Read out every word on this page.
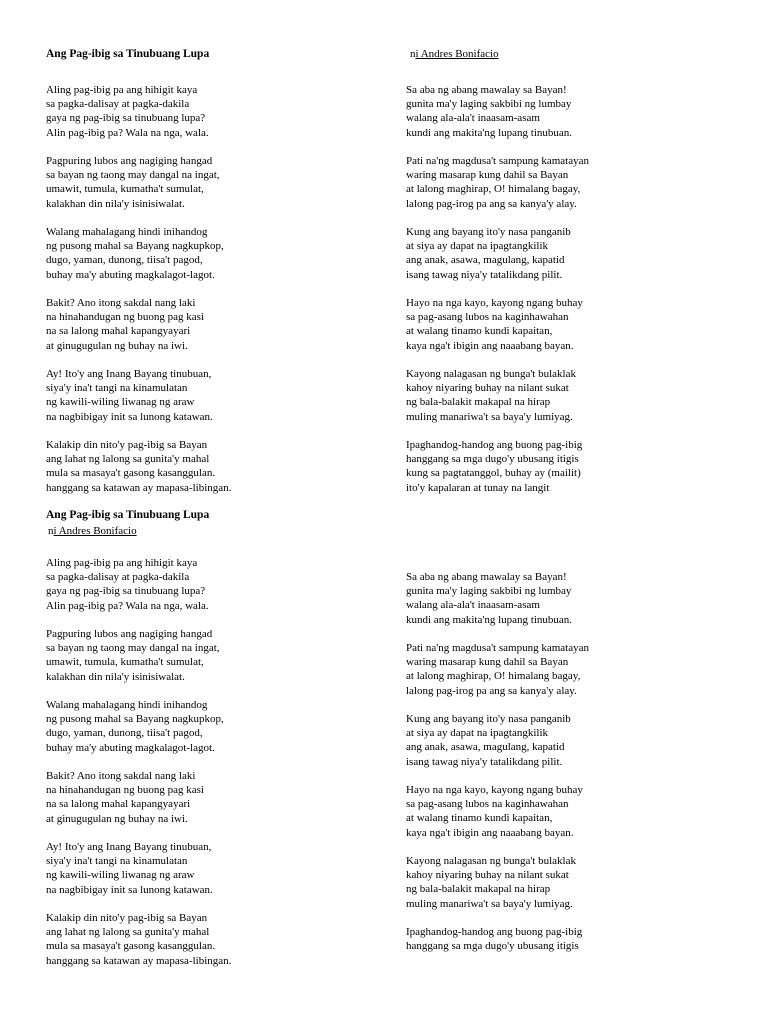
Ang Pag-ibig sa Tinubuang Lupa	ni Andres Bonifacio
Aling pag-ibig pa ang hihigit kaya
sa pagka-dalisay at pagka-dakila
gaya ng pag-ibig sa tinubuang lupa?
Alin pag-ibig pa? Wala na nga, wala.
Pagpuring lubos ang nagiging hangad
sa bayan ng taong may dangal na ingat,
umawit, tumula, kumatha't sumulat,
kalakhan din nila'y isinisiwalat.
Walang mahalagang hindi inihandog
ng pusong mahal sa Bayang nagkupkop,
dugo, yaman, dunong, tiisa't pagod,
buhay ma'y abuting magkalagot-lagot.
Bakit? Ano itong sakdal nang laki
na hinahandugan ng buong pag kasi
na sa lalong mahal kapangyayari
at ginugugulan ng buhay na iwi.
Ay! Ito'y ang Inang Bayang tinubuan,
siya'y ina't tangi na kinamulatan
ng kawili-wiling liwanag ng araw
na nagbibigay init sa lunong katawan.
Kalakip din nito'y pag-ibig sa Bayan
ang lahat ng lalong sa gunita'y mahal
mula sa masaya't gasong kasanggulan.
hanggang sa katawan ay mapasa-libingan.
Sa aba ng abang mawalay sa Bayan!
gunita ma'y laging sakbibi ng lumbay
walang ala-ala't inaasam-asam
kundi ang makita'ng lupang tinubuan.
Pati na'ng magdusa't sampung kamatayan
waring masarap kung dahil sa Bayan
at lalong maghirap, O! himalang bagay,
lalong pag-irog pa ang sa kanya'y alay.
Kung ang bayang ito'y nasa panganib
at siya ay dapat na ipagtangkilik
ang anak, asawa, magulang, kapatid
isang tawag niya'y tatalikdang pilit.
Hayo na nga kayo, kayong ngang buhay
sa pag-asang lubos na kaginhawahan
at walang tinamo kundi kapaitan,
kaya nga't ibigin ang naaabang bayan.
Kayong nalagasan ng bunga't bulaklak
kahoy niyaring buhay na nilant sukat
ng bala-balakit makapal na hirap
muling manariwa't sa baya'y lumiyag.
Ipaghandog-handog ang buong pag-ibig
hanggang sa mga dugo'y ubusang itigis
kung sa pagtatanggol, buhay ay (mailit)
ito'y kapalaran at tunay na langit
Ang Pag-ibig sa Tinubuang Lupa
ni Andres Bonifacio
Aling pag-ibig pa ang hihigit kaya
sa pagka-dalisay at pagka-dakila
gaya ng pag-ibig sa tinubuang lupa?
Alin pag-ibig pa? Wala na nga, wala.
Pagpuring lubos ang nagiging hangad
sa bayan ng taong may dangal na ingat,
umawit, tumula, kumatha't sumulat,
kalakhan din nila'y isinisiwalat.
Walang mahalagang hindi inihandog
ng pusong mahal sa Bayang nagkupkop,
dugo, yaman, dunong, tiisa't pagod,
buhay ma'y abuting magkalagot-lagot.
Bakit? Ano itong sakdal nang laki
na hinahandugan ng buong pag kasi
na sa lalong mahal kapangyayari
at ginugugulan ng buhay na iwi.
Ay! Ito'y ang Inang Bayang tinubuan,
siya'y ina't tangi na kinamulatan
ng kawili-wiling liwanag ng araw
na nagbibigay init sa lunong katawan.
Kalakip din nito'y pag-ibig sa Bayan
ang lahat ng lalong sa gunita'y mahal
mula sa masaya't gasong kasanggulan.
hanggang sa katawan ay mapasa-libingan.
Sa aba ng abang mawalay sa Bayan!
gunita ma'y laging sakbibi ng lumbay
walang ala-ala't inaasam-asam
kundi ang makita'ng lupang tinubuan.
Pati na'ng magdusa't sampung kamatayan
waring masarap kung dahil sa Bayan
at lalong maghirap, O! himalang bagay,
lalong pag-irog pa ang sa kanya'y alay.
Kung ang bayang ito'y nasa panganib
at siya ay dapat na ipagtangkilik
ang anak, asawa, magulang, kapatid
isang tawag niya'y tatalikdang pilit.
Hayo na nga kayo, kayong ngang buhay
sa pag-asang lubos na kaginhawahan
at walang tinamo kundi kapaitan,
kaya nga't ibigin ang naaabang bayan.
Kayong nalagasan ng bunga't bulaklak
kahoy niyaring buhay na nilant sukat
ng bala-balakit makapal na hirap
muling manariwa't sa baya'y lumiyag.
Ipaghandog-handog ang buong pag-ibig
hanggang sa mga dugo'y ubusang itigis
